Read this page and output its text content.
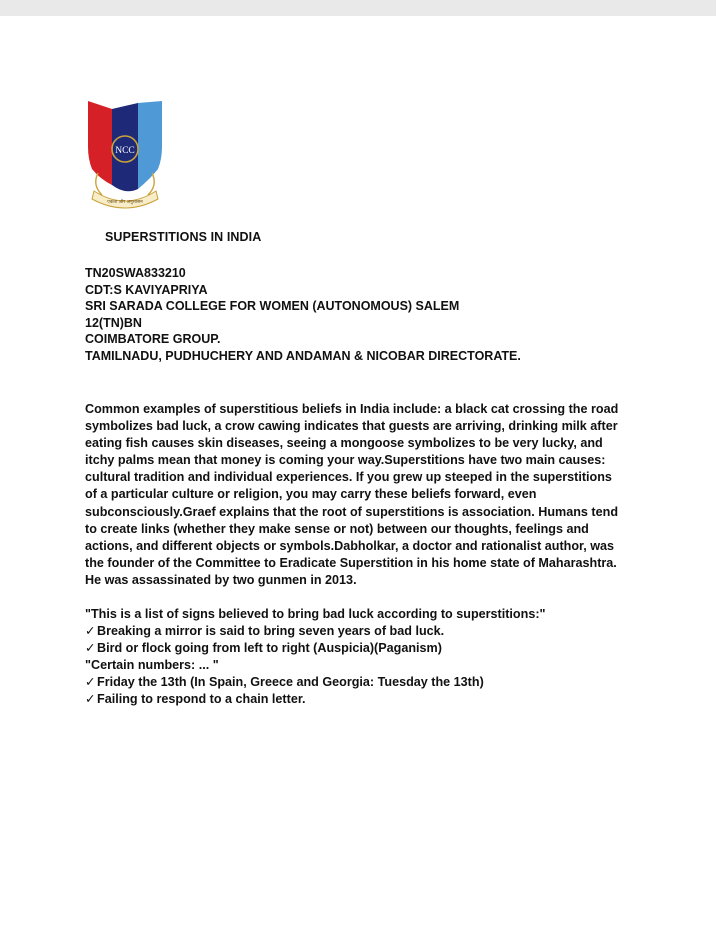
NCC
एकता और अनुशासन
SUPERSTITIONS IN INDIA
TN20SWA833210
CDT:S KAVIYAPRIYA
SRI SARADA COLLEGE FOR WOMEN (AUTONOMOUS) SALEM
12(TN)BN
COIMBATORE GROUP.
TAMILNADU, PUDHUCHERY AND ANDAMAN & NICOBAR DIRECTORATE.
Common examples of superstitious beliefs in India include: a black cat crossing the road
symbolizes bad luck, a crow cawing indicates that guests are arriving, drinking milk after
eating fish causes skin diseases, seeing a mongoose symbolizes to be very lucky, and
itchy palms mean that money is coming your way.Superstitions have two main causes:
cultural tradition and individual experiences. If you grew up steeped in the superstitions
of a particular culture or religion, you may carry these beliefs forward, even
subconsciously.Graef explains that the root of superstitions is association. Humans tend
to create links (whether they make sense or not) between our thoughts, feelings and
actions, and different objects or symbols.Dabholkar, a doctor and rationalist author, was
the founder of the Committee to Eradicate Superstition in his home state of Maharashtra.
He was assassinated by two gunmen in 2013.
"This is a list of signs believed to bring bad luck according to superstitions:"
✓Breaking a mirror is said to bring seven years of bad luck.
✓Bird or flock going from left to right (Auspicia)(Paganism)
"Certain numbers: ... "
✓Friday the 13th (In Spain, Greece and Georgia: Tuesday the 13th)
✓Failing to respond to a chain letter.
